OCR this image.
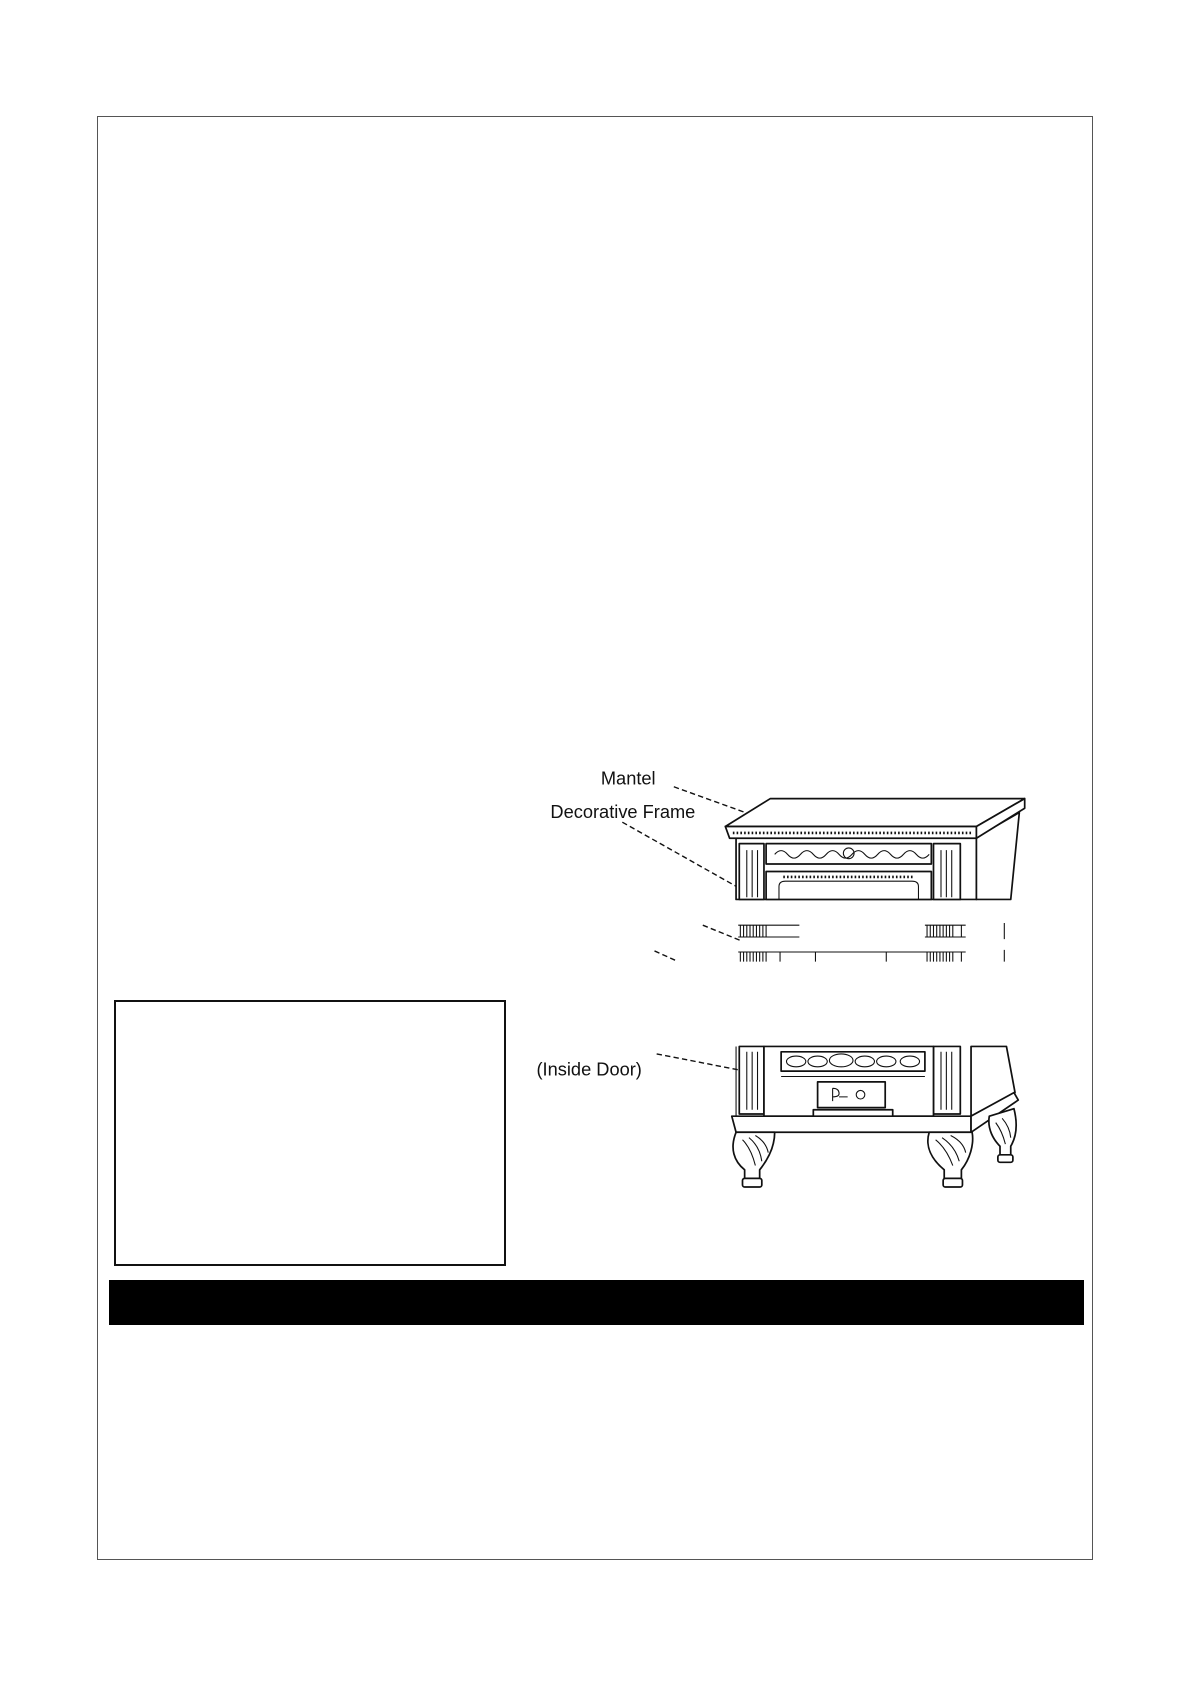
Mantel
Decorative Frame
(Inside Door)
